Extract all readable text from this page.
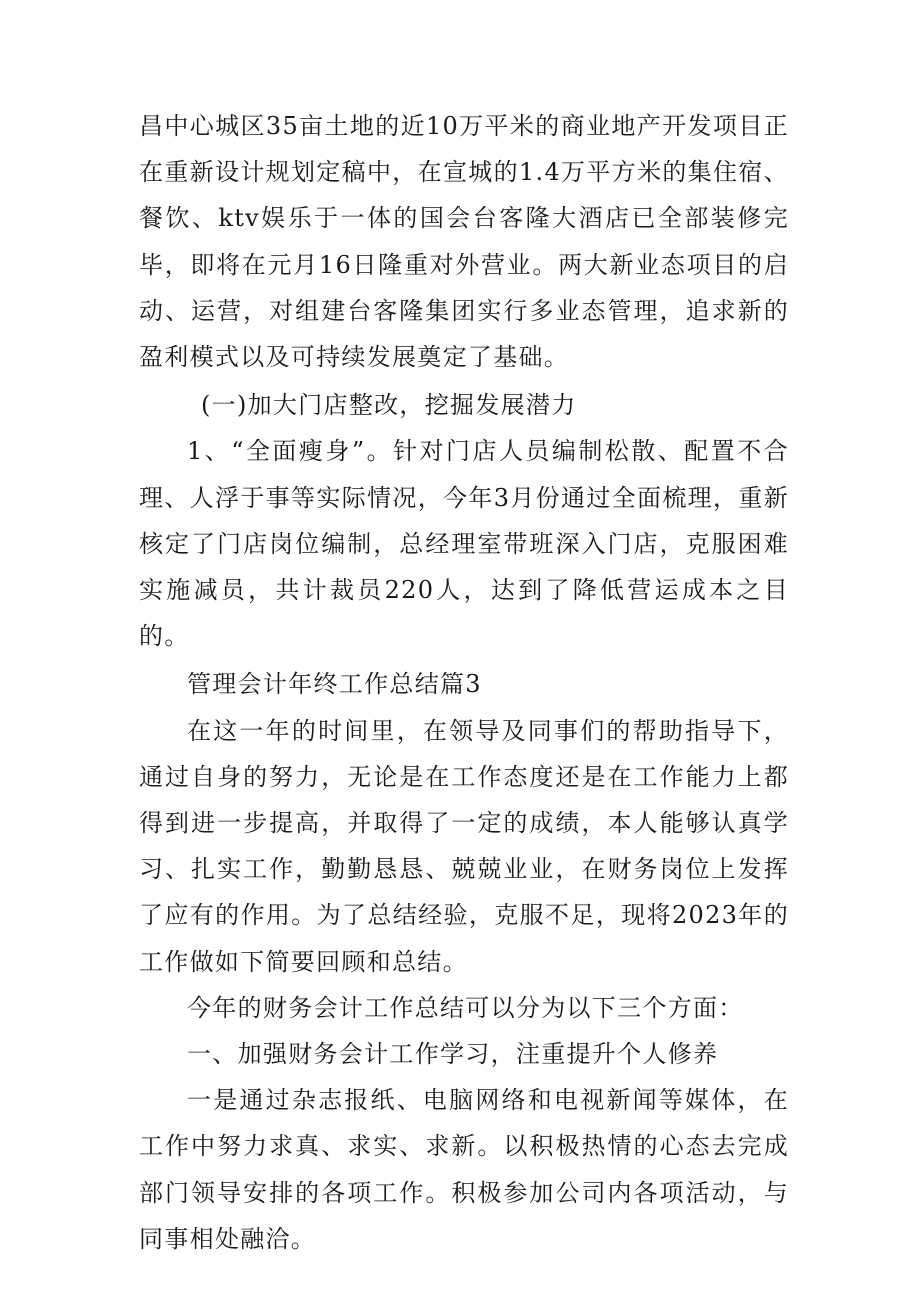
昌中心城区35亩土地的近10万平米的商业地产开发项目正在重新设计规划定稿中，在宣城的1.4万平方米的集住宿、餐饮、ktv娱乐于一体的国会台客隆大酒店已全部装修完毕，即将在元月16日隆重对外营业。两大新业态项目的启动、运营，对组建台客隆集团实行多业态管理，追求新的盈利模式以及可持续发展奠定了基础。

(一)加大门店整改，挖掘发展潜力

1、“全面瘦身”。针对门店人员编制松散、配置不合理、人浮于事等实际情况，今年3月份通过全面梳理，重新核定了门店岗位编制，总经理室带班深入门店，克服困难实施减员，共计裁员220人，达到了降低营运成本之目的。

管理会计年终工作总结篇3

在这一年的时间里，在领导及同事们的帮助指导下，通过自身的努力，无论是在工作态度还是在工作能力上都得到进一步提高，并取得了一定的成绩，本人能够认真学习、扎实工作，勤勤恳恳、兢兢业业，在财务岗位上发挥了应有的作用。为了总结经验，克服不足，现将2023年的工作做如下简要回顾和总结。

今年的财务会计工作总结可以分为以下三个方面：

一、加强财务会计工作学习，注重提升个人修养

一是通过杂志报纸、电脑网络和电视新闻等媒体，在工作中努力求真、求实、求新。以积极热情的心态去完成部门领导安排的各项工作。积极参加公司内各项活动，与同事相处融洽。
